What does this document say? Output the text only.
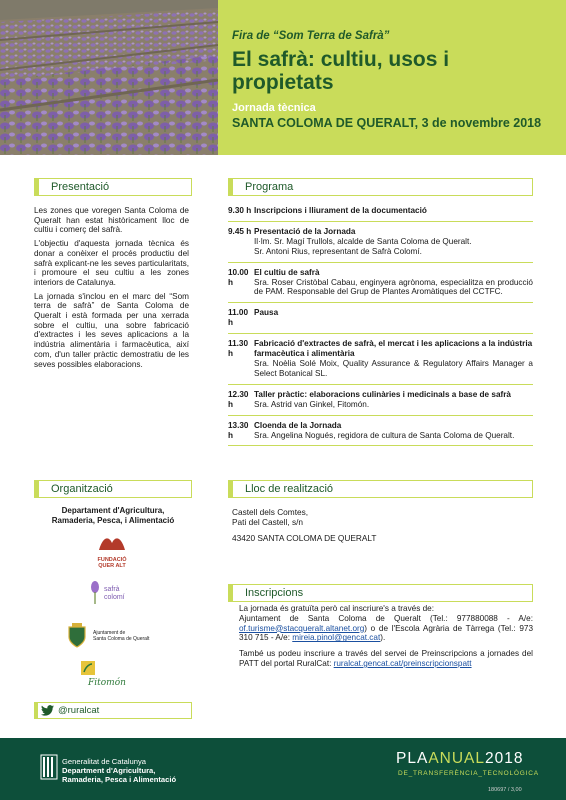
Fira de “Som Terra de Safrà”
El safrà: cultiu, usos i
propietats
Jornada tècnica
SANTA COLOMA DE QUERALT, 3 de novembre 2018
Presentació

Les zones que voregen Santa Coloma de Queralt han estat històricament lloc de cultiu i comerç del safrà.

L'objectiu d'aquesta jornada tècnica és donar a conèixer el procés productiu del safrà explicant-ne les seves particularitats, i promoure el seu cultiu a les zones interiors de Catalunya.

La jornada s'inclou en el marc del “Som terra de safrà” de Santa Coloma de Queralt i està formada per una xerrada sobre el cultiu, una sobre fabricació d'extractes i les seves aplicacions a la indústria alimentària i farmacèutica, així com, d'un taller pràctic demostratiu de les seves possibles elaboracions.

Programa
9.30 h Inscripcions i lliurament de la documentació
9.45 h Presentació de la Jornada
Il·lm. Sr. Magí Trullols, alcalde de Santa Coloma de Queralt.
Sr. Antoni Rius, representant de Safrà Colomí.
10.00 h
El cultiu de safrà
Sra. Roser Cristòbal Cabau, enginyera agrònoma, especialitza en producció de PAM. Responsable del Grup de Plantes Aromàtiques del CCTFC.
11.00 h
Pausa
11.30 h
Fabricació d'extractes de safrà, el mercat i les aplicacions a la indústria farmacèutica i alimentària
Sra. Noèlia Solé Moix, Quality Assurance & Regulatory Affairs Manager a Select Botanical SL.
12.30 h
Taller pràctic: elaboracions culinàries i medicinals a base de safrà
Sra. Astrid van Ginkel, Fitomón.
13.30 h
Cloenda de la Jornada
Sra. Angelina Nogués, regidora de cultura de Santa Coloma de Queralt.
Organització
Departament d'Agricultura,
Ramaderia, Pesca, i Alimentació
FUNDACIÓ
QUER ALT
safrà
colomí
Ajuntament de
Santa Coloma de Queralt
Fitomón
Lloc de realització
Castell dels Comtes,
Pati del Castell, s/n
43420 SANTA COLOMA DE QUERALT
Inscripcions

La jornada és gratuïta però cal inscriure's a través de:
Ajuntament de Santa Coloma de Queralt (Tel.: 977880088 - A/e: of.turisme@stacqueralt.altanet.org) o de l'Escola Agrària de Tàrrega (Tel.: 973 310 715 - A/e: mireia.pinol@gencat.cat).

També us podeu inscriure a través del servei de Preinscripcions a jornades del PATT del portal RuralCat: ruralcat.gencat.cat/preinscripcionspatt

@ruralcat
Generalitat de Catalunya
Department d'Agricultura,
Ramaderia, Pesca i Alimentació
PLAANUAL2018
DE_TRANSFERÈNCIA_TECNOLÒGICA
180697 / 3,00
